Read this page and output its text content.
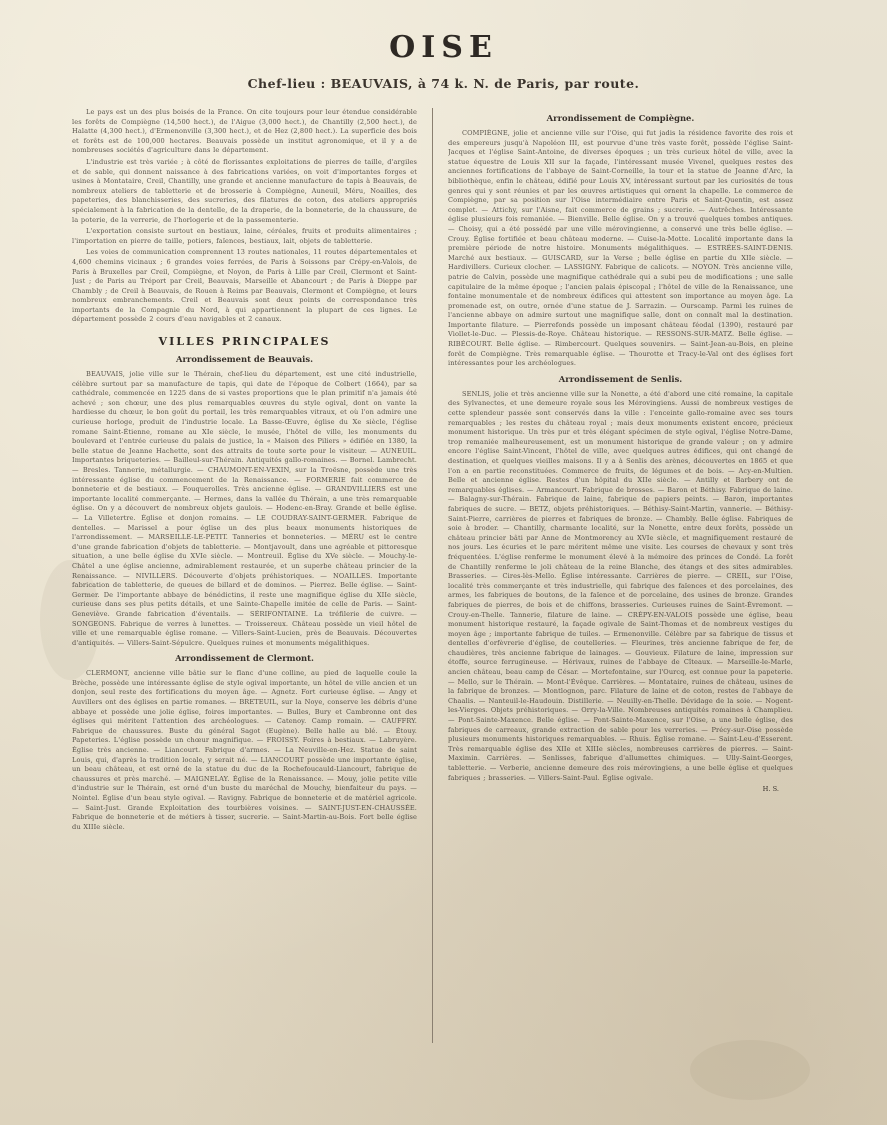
OISE
Chef-lieu : BEAUVAIS, à 74 k. N. de Paris, par route.

Le pays est un des plus boisés de la France. On cite toujours pour leur étendue considérable les forêts de Compiègne (14,500 hect.), de l'Aigue (3,000 hect.), de Chantilly (2,500 hect.), de Halatte (4,300 hect.), d'Ermenonville (3,300 hect.), et de Hez (2,800 hect.). La superficie des bois et forêts est de 100,000 hectares. Beauvais possède un institut agronomique, et il y a de nombreuses sociétés d'agriculture dans le département.

L'industrie est très variée ; à côté de florissantes exploitations de pierres de taille, d'argiles et de sable, qui donnent naissance à des fabrications variées, on voit d'importantes forges et usines à Montataire, Creil, Chantilly, une grande et ancienne manufacture de tapis à Beauvais, de nombreux ateliers de tabletterie et de brosserie à Compiègne, Auneuil, Méru, Noailles, des papeteries, des blanchisseries, des sucreries, des filatures de coton, des ateliers appropriés spécialement à la fabrication de la dentelle, de la draperie, de la bonneterie, de la chaussure, de la poterie, de la verrerie, de l'horlogerie et de la passementerie.

L'exportation consiste surtout en bestiaux, laine, céréales, fruits et produits alimentaires ; l'importation en pierre de taille, potiers, faïences, bestiaux, lait, objets de tabletterie.

Les voies de communication comprennent 13 routes nationales, 11 routes départementales et 4,600 chemins vicinaux ; 6 grandes voies ferrées, de Paris à Soissons par Crépy-en-Valois, de Paris à Bruxelles par Creil, Compiègne, et Noyon, de Paris à Lille par Creil, Clermont et Saint-Just ; de Paris au Tréport par Creil, Beauvais, Marseille et Abancourt ; de Paris à Dieppe par Chambly ; de Creil à Beauvais, de Rouen à Reims par Beauvais, Clermont et Compiègne, et leurs nombreux embranchements. Creil et Beauvais sont deux points de correspondance très importants de la Compagnie du Nord, à qui appartiennent la plupart de ces lignes. Le département possède 2 cours d'eau navigables et 2 canaux.

VILLES PRINCIPALES
Arrondissement de Beauvais.

BEAUVAIS, jolie ville sur le Thérain, chef-lieu du département, est une cité industrielle, célèbre surtout par sa manufacture de tapis, qui date de l'époque de Colbert (1664), par sa cathédrale, commencée en 1225 dans de si vastes proportions que le plan primitif n'a jamais été achevé ; son chœur, une des plus remarquables œuvres du style ogival, dont on vante la hardiesse du chœur, le bon goût du portail, les très remarquables vitraux, et où l'on admire une curieuse horloge, produit de l'industrie locale. La Basse-Œuvre, église du Xe siècle, l'église romane Saint-Étienne, romane au XIe siècle, le musée, l'hôtel de ville, les monuments du boulevard et l'entrée curieuse du palais de justice, la « Maison des Piliers » édifiée en 1380, la belle statue de Jeanne Hachette, sont des attraits de toute sorte pour le visiteur. — AUNEUIL. Importantes briqueteries. — Bailleul-sur-Thérain. Antiquités gallo-romaines. — Bornel. Lambrecht. — Bresles. Tannerie, métallurgie. — CHAUMONT-EN-VEXIN, sur la Troësne, possède une très intéressante église du commencement de la Renaissance. — FORMERIE fait commerce de bonneterie et de bestiaux. — Fouquerolles. Très ancienne église. — GRANDVILLIERS est une importante localité commerçante. — Hermes, dans la vallée du Thérain, a une très remarquable église. On y a découvert de nombreux objets gaulois. — Hodenc-en-Bray. Grande et belle église. — La Villetertre. Église et donjon romains. — LE COUDRAY-SAINT-GERMER. Fabrique de dentelles. — Marissel a pour église un des plus beaux monuments historiques de l'arrondissement. — MARSEILLE-LE-PETIT. Tanneries et bonneteries. — MÉRU est le centre d'une grande fabrication d'objets de tabletterie. — Montjavoult, dans une agréable et pittoresque situation, a une belle église du XVIe siècle. — Montreuil. Église du XVe siècle. — Mouchy-le-Châtel a une église ancienne, admirablement restaurée, et un superbe château princier de la Renaissance. — NIVILLERS. Découverte d'objets préhistoriques. — NOAILLES. Importante fabrication de tabletterie, de queues de billard et de dominos. — Pierrez. Belle église. — Saint-Germer. De l'importante abbaye de bénédictins, il reste une magnifique église du XIIe siècle, curieuse dans ses plus petits détails, et une Sainte-Chapelle imitée de celle de Paris. — Saint-Geneviève. Grande fabrication d'éventails. — SÉRIFONTAINE. La tréfilerie de cuivre. — SONGEONS. Fabrique de verres à lunettes. — Troissereux. Château possède un vieil hôtel de ville et une remarquable église romane. — Villers-Saint-Lucien, près de Beauvais. Découvertes d'antiquités. — Villers-Saint-Sépulcre. Quelques ruines et monuments mégalithiques.

Arrondissement de Clermont.

CLERMONT, ancienne ville bâtie sur le flanc d'une colline, au pied de laquelle coule la Brèche, possède une intéressante église de style ogival importante, un hôtel de ville ancien et un donjon, seul reste des fortifications du moyen âge. — Agnetz. Fort curieuse église. — Angy et Auvillers ont des églises en partie romanes. — BRETEUIL, sur la Noye, conserve les débris d'une abbaye et possède une jolie église, foires importantes. — Bulles, Bury et Cambronne ont des églises qui méritent l'attention des archéologues. — Catenoy. Camp romain. — CAUFFRY. Fabrique de chaussures. Buste du général Sagot (Eugène). Belle halle au blé. — Étouy. Papeteries. L'église possède un chœur magnifique. — FROISSY. Foires à bestiaux. — Labruyère. Église très ancienne. — Liancourt. Fabrique d'armes. — La Neuville-en-Hez. Statue de saint Louis, qui, d'après la tradition locale, y serait né. — LIANCOURT possède une importante église, un beau château, et est orné de la statue du duc de la Rochefoucauld-Liancourt, fabrique de chaussures et près marché. — MAIGNELAY. Église de la Renaissance. — Mouy, jolie petite ville d'industrie sur le Thérain, est orné d'un buste du maréchal de Mouchy, bienfaiteur du pays. — Nointel. Église d'un beau style ogival. — Ravigny. Fabrique de bonneterie et de matériel agricole. — Saint-Just. Grande Exploitation des tourbières voisines. — SAINT-JUST-EN-CHAUSSÉE. Fabrique de bonneterie et de métiers à tisser, sucrerie. — Saint-Martin-au-Bois. Fort belle église du XIIIe siècle.

Arrondissement de Compiègne.

COMPIÈGNE, jolie et ancienne ville sur l'Oise, qui fut jadis la résidence favorite des rois et des empereurs jusqu'à Napoléon III, est pourvue d'une très vaste forêt, possède l'église Saint-Jacques et l'église Saint-Antoine, de diverses époques ; un très curieux hôtel de ville, avec la statue équestre de Louis XII sur la façade, l'intéressant musée Vivenel, quelques restes des anciennes fortifications de l'abbaye de Saint-Corneille, la tour et la statue de Jeanne d'Arc, la bibliothèque, enfin le château, édifié pour Louis XV, intéressant surtout par les curiosités de tous genres qui y sont réunies et par les œuvres artistiques qui ornent la chapelle. Le commerce de Compiègne, par sa position sur l'Oise intermédiaire entre Paris et Saint-Quentin, est assez complet. — Attichy, sur l'Aisne, fait commerce de grains ; sucrerie. — Autrêches. Intéressante église plusieurs fois remaniée. — Bienville. Belle église. On y a trouvé quelques tombes antiques. — Choisy, qui a été possédé par une ville mérovingienne, a conservé une très belle église. — Crouy. Église fortifiée et beau château moderne. — Cuise-la-Motte. Localité importante dans la première période de notre histoire. Monuments mégalithiques. — ESTRÉES-SAINT-DENIS. Marché aux bestiaux. — GUISCARD, sur la Verse ; belle église en partie du XIIe siècle. — Hardivillers. Curieux clocher. — LASSIGNY. Fabrique de calicots. — NOYON. Très ancienne ville, patrie de Calvin, possède une magnifique cathédrale qui a subi peu de modifications ; une salle capitulaire de la même époque ; l'ancien palais épiscopal ; l'hôtel de ville de la Renaissance, une fontaine monumentale et de nombreux édifices qui attestent son importance au moyen âge. La promenade est, on outre, ornée d'une statue de J. Sarrazin. — Ourscamp. Parmi les ruines de l'ancienne abbaye on admire surtout une magnifique salle, dont on connaît mal la destination. Importante filature. — Pierrefonds possède un imposant château féodal (1390), restauré par Viollet-le-Duc. — Plessis-de-Roye. Château historique. — RESSONS-SUR-MATZ. Belle église. — RIBÉCOURT. Belle église. — Rimbercourt. Quelques souvenirs. — Saint-Jean-au-Bois, en pleine forêt de Compiègne. Très remarquable église. — Thourotte et Tracy-le-Val ont des églises fort intéressantes pour les archéologues.

Arrondissement de Senlis.

SENLIS, jolie et très ancienne ville sur la Nonette, a été d'abord une cité romaine, la capitale des Sylvanectes, et une demeure royale sous les Mérovingiens. Aussi de nombreux vestiges de cette splendeur passée sont conservés dans la ville : l'enceinte gallo-romaine avec ses tours remarquables ; les restes du château royal ; mais deux monuments existent encore, précieux monument historique. Un très pur et très élégant spécimen de style ogival, l'église Notre-Dame, trop remaniée malheureusement, est un monument historique de grande valeur ; on y admire encore l'église Saint-Vincent, l'hôtel de ville, avec quelques autres édifices, qui ont changé de destination, et quelques vieilles maisons. Il y a à Senlis des arènes, découvertes en 1865 et que l'on a en partie reconstituées. Commerce de fruits, de légumes et de bois. — Acy-en-Multien. Belle et ancienne église. Restes d'un hôpital du XIIe siècle. — Antilly et Barbery ont de remarquables églises. — Armancourt. Fabrique de brosses. — Baron et Béthisy. Fabrique de laine. — Balagny-sur-Thérain. Fabrique de laine, fabrique de papiers peints. — Baron, importantes fabriques de sucre. — BETZ, objets préhistoriques. — Béthisy-Saint-Martin, vannerie. — Béthisy-Saint-Pierre, carrières de pierres et fabriques de bronze. — Chambly. Belle église. Fabriques de soie à broder. — Chantilly, charmante localité, sur la Nonette, entre deux forêts, possède un château princier bâti par Anne de Montmorency au XVIe siècle, et magnifiquement restauré de nos jours. Les écuries et le parc méritent même une visite. Les courses de chevaux y sont très fréquentées. L'église renferme le monument élevé à la mémoire des princes de Condé. La forêt de Chantilly renferme le joli château de la reine Blanche, des étangs et des sites admirables. Brasseries. — Cires-lès-Mello. Église intéressante. Carrières de pierre. — CREIL, sur l'Oise, localité très commerçante et très industrielle, qui fabrique des faïences et des porcelaines, des armes, les fabriques de boutons, de la faïence et de porcelaine, des usines de bronze. Grandes fabriques de pierres, de bois et de chiffons, brasseries. Curieuses ruines de Saint-Évremont. — Crouy-en-Thelle. Tannerie, filature de laine. — CRÉPY-EN-VALOIS possède une église, beau monument historique restauré, la façade ogivale de Saint-Thomas et de nombreux vestiges du moyen âge ; importante fabrique de tuiles. — Ermenonville. Célèbre par sa fabrique de tissus et dentelles d'orfèvrerie d'église, de coutelleries. — Fleurines, très ancienne fabrique de fer, de chaudières, très ancienne fabrique de lainages. — Gouvieux. Filature de laine, impression sur étoffe, source ferrugineuse. — Hérivaux, ruines de l'abbaye de Cîteaux. — Marseille-le-Marle, ancien château, beau camp de César. — Mortefontaine, sur l'Ourcq, est connue pour la papeterie. — Mello, sur le Thérain. — Mont-l'Évêque. Carrières. — Montataire, ruines de château, usines de la fabrique de bronzes. — Montlognon, parc. Filature de laine et de coton, restes de l'abbaye de Chaalis. — Nanteuil-le-Haudouin. Distillerie. — Neuilly-en-Thelle. Dévidage de la soie. — Nogent-les-Vierges. Objets préhistoriques. — Orry-la-Ville. Nombreuses antiquités romaines à Champlieu. — Pont-Sainte-Maxence. Belle église. — Pont-Sainte-Maxence, sur l'Oise, a une belle église, des fabriques de carreaux, grande extraction de sable pour les verreries. — Précy-sur-Oise possède plusieurs monuments historiques remarquables. — Rhuis. Église romane. — Saint-Leu-d'Esserent. Très remarquable église des XIIe et XIIIe siècles, nombreuses carrières de pierres. — Saint-Maximin. Carrières. — Senlisses, fabrique d'allumettes chimiques. — Ully-Saint-Georges, tabletterie. — Verberie, ancienne demeure des rois mérovingiens, a une belle église et quelques fabriques ; brasseries. — Villers-Saint-Paul. Église ogivale.

H. S.
